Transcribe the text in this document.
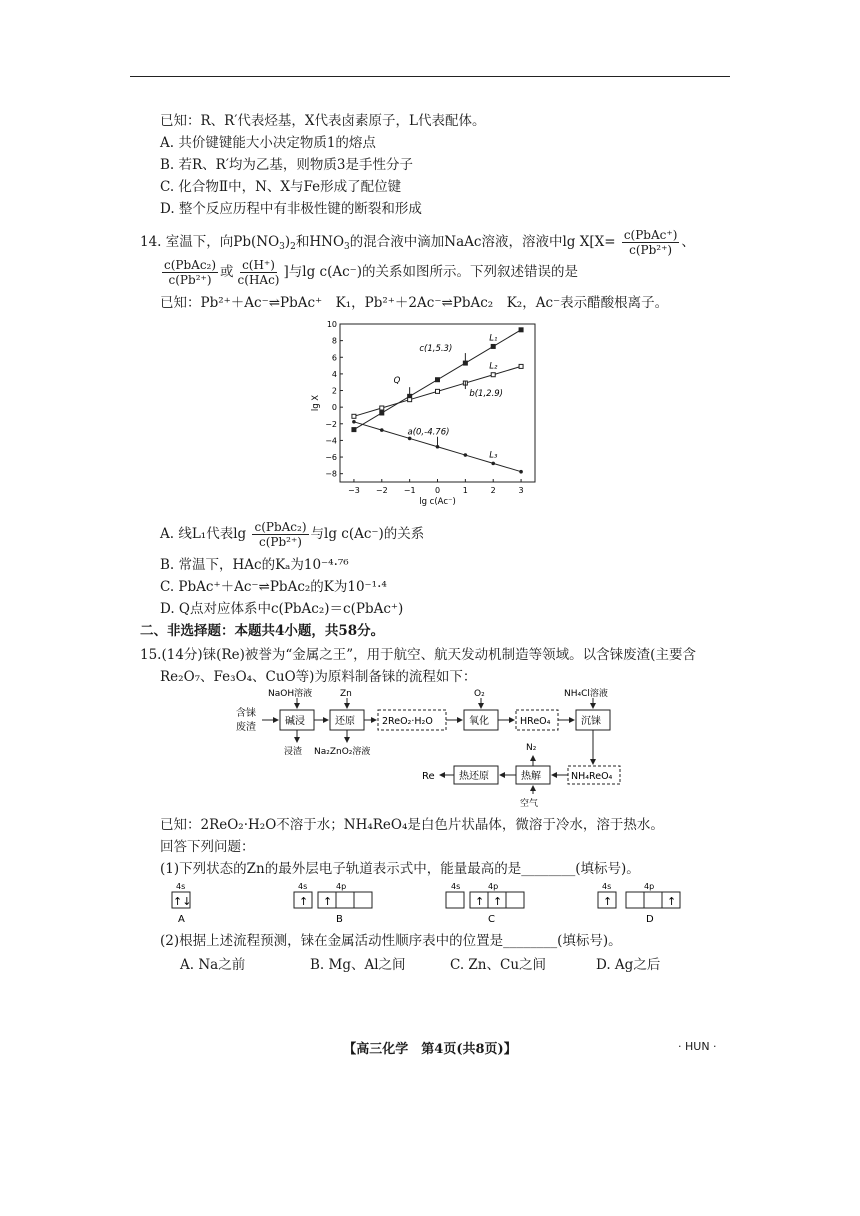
已知：R、R′代表烃基，X代表卤素原子，L代表配体。
A. 共价键键能大小决定物质1的熔点
B. 若R、R′均为乙基，则物质3是手性分子
C. 化合物Ⅱ中，N、X与Fe形成了配位键
D. 整个反应历程中有非极性键的断裂和形成
14. 室温下，向$Pb(NO_3)_2$和$HNO_3$的混合液中滴加NaAc溶液，溶液中$\lg X[X= \frac{\text{c(PbAc⁺)}}{\text{c(Pb²⁺)}}$ 、
$\frac{\text{c(PbAc₂)}}{\text{c(Pb²⁺)}}$ 或 $\frac{c(H^+)}{\text{c(HAc)}}$ ]与lg c(Ac⁻)的关系如图所示。下列叙述错误的是
已知：Pb²⁺＋Ac⁻⇌PbAc⁺　K₁，Pb²⁺＋2Ac⁻⇌PbAc₂　K₂，Ac⁻表示醋酸根离子。
−3 −2 −1 0	1	2	3
10
8
6
4
2
0
−2
−4
−6
−8
lg c(Ac⁻)
lg X
L₁
L₂
L₃
c(1,5.3)
b(1,2.9)
a(0,-4.76)
Q
A. 线L₁代表$\lg \frac{\text{c(PbAc₂)}}{\text{c(Pb²⁺)}}$ 与lg c(Ac⁻)的关系
B. 常温下，HAc的Kₐ为10⁻⁴·⁷⁶
C. PbAc⁺＋Ac⁻⇌PbAc₂的K为10⁻¹·⁴
D. Q点对应体系中c(PbAc₂)＝c(PbAc⁺)
二、非选择题：本题共4小题，共58分。
15.(14分)铼(Re)被誉为“金属之王”，用于航空、航天发动机制造等领域。以含铼废渣(主要含
Re₂O₇、Fe₃O₄、CuO等)为原料制备铼的流程如下：
含铼
废渣
碱浸
NaOH溶液
浸渣
还原
Zn
Na₂ZnO₂溶液
2ReO₂·H₂O	氧化
O₂
HReO₄	沉铼
NH₄Cl溶液
NH₄ReO₄
热解
N₂
空气
热还原
Re
已知：2ReO₂·H₂O不溶于水；NH₄ReO₄是白色片状晶体，微溶于冷水，溶于热水。
回答下列问题：
(1)下列状态的Zn的最外层电子轨道表示式中，能量最高的是________(填标号)。
4s
↑↓
A
4s
↑
4p
↑
B
4s	4p
↑ ↑
C
4s
↑
4p
↑
D
(2)根据上述流程预测，铼在金属活动性顺序表中的位置是________(填标号)。
A. Na之前	B. Mg、Al之间	C. Zn、Cu之间	D. Ag之后
【高三化学　第4页(共8页)】	· HUN ·
